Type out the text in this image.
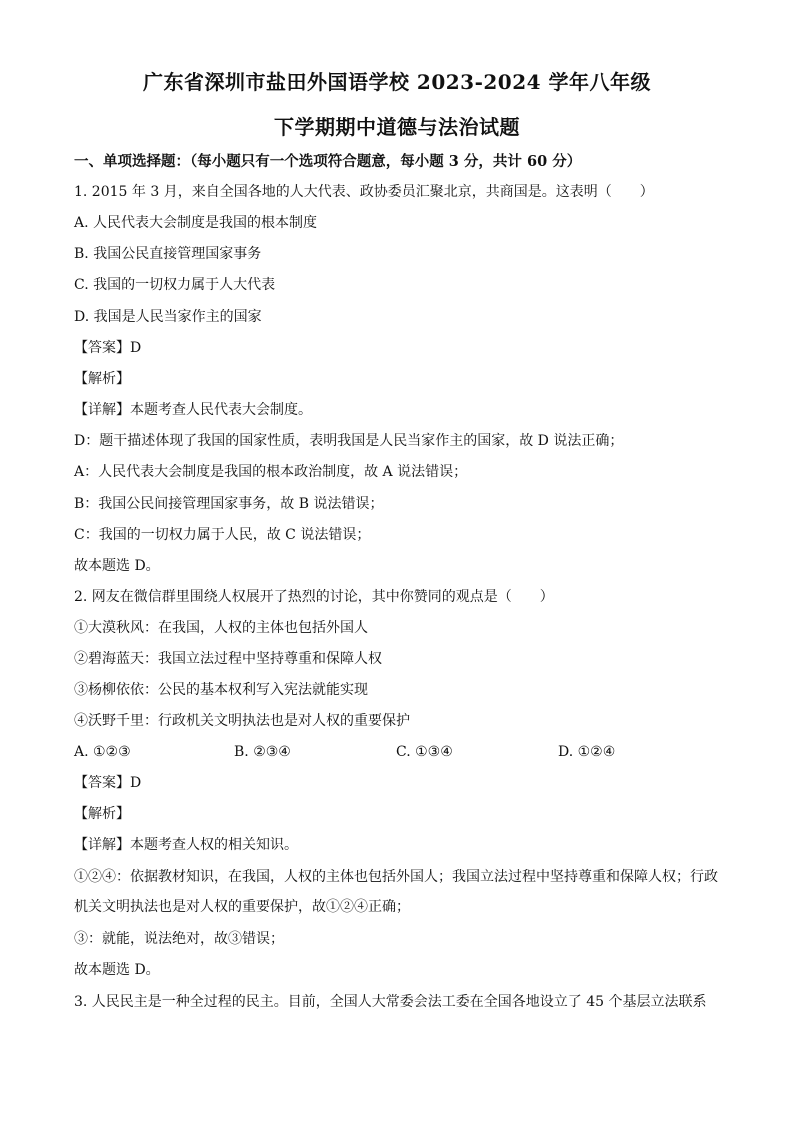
广东省深圳市盐田外国语学校 2023-2024 学年八年级
下学期期中道德与法治试题
一、单项选择题：（每小题只有一个选项符合题意，每小题 3 分，共计 60 分）
1. 2015 年 3 月，来自全国各地的人大代表、政协委员汇聚北京，共商国是。这表明（　　）
A. 人民代表大会制度是我国的根本制度
B. 我国公民直接管理国家事务
C. 我国的一切权力属于人大代表
D. 我国是人民当家作主的国家
【答案】D
【解析】
【详解】本题考查人民代表大会制度。
D：题干描述体现了我国的国家性质，表明我国是人民当家作主的国家，故 D 说法正确；
A：人民代表大会制度是我国的根本政治制度，故 A 说法错误；
B：我国公民间接管理国家事务，故 B 说法错误；
C：我国的一切权力属于人民，故 C 说法错误；
故本题选 D。
2. 网友在微信群里围绕人权展开了热烈的讨论，其中你赞同的观点是（　　）
①大漠秋风：在我国，人权的主体也包括外国人
②碧海蓝天：我国立法过程中坚持尊重和保障人权
③杨柳依依：公民的基本权利写入宪法就能实现
④沃野千里：行政机关文明执法也是对人权的重要保护
A. ①②③	B. ②③④	C. ①③④	D. ①②④
【答案】D
【解析】
【详解】本题考查人权的相关知识。
①②④：依据教材知识，在我国，人权的主体也包括外国人；我国立法过程中坚持尊重和保障人权；行政机关文明执法也是对人权的重要保护，故①②④正确；
③：就能，说法绝对，故③错误；
故本题选 D。
3. 人民民主是一种全过程的民主。目前，全国人大常委会法工委在全国各地设立了 45 个基层立法联系
